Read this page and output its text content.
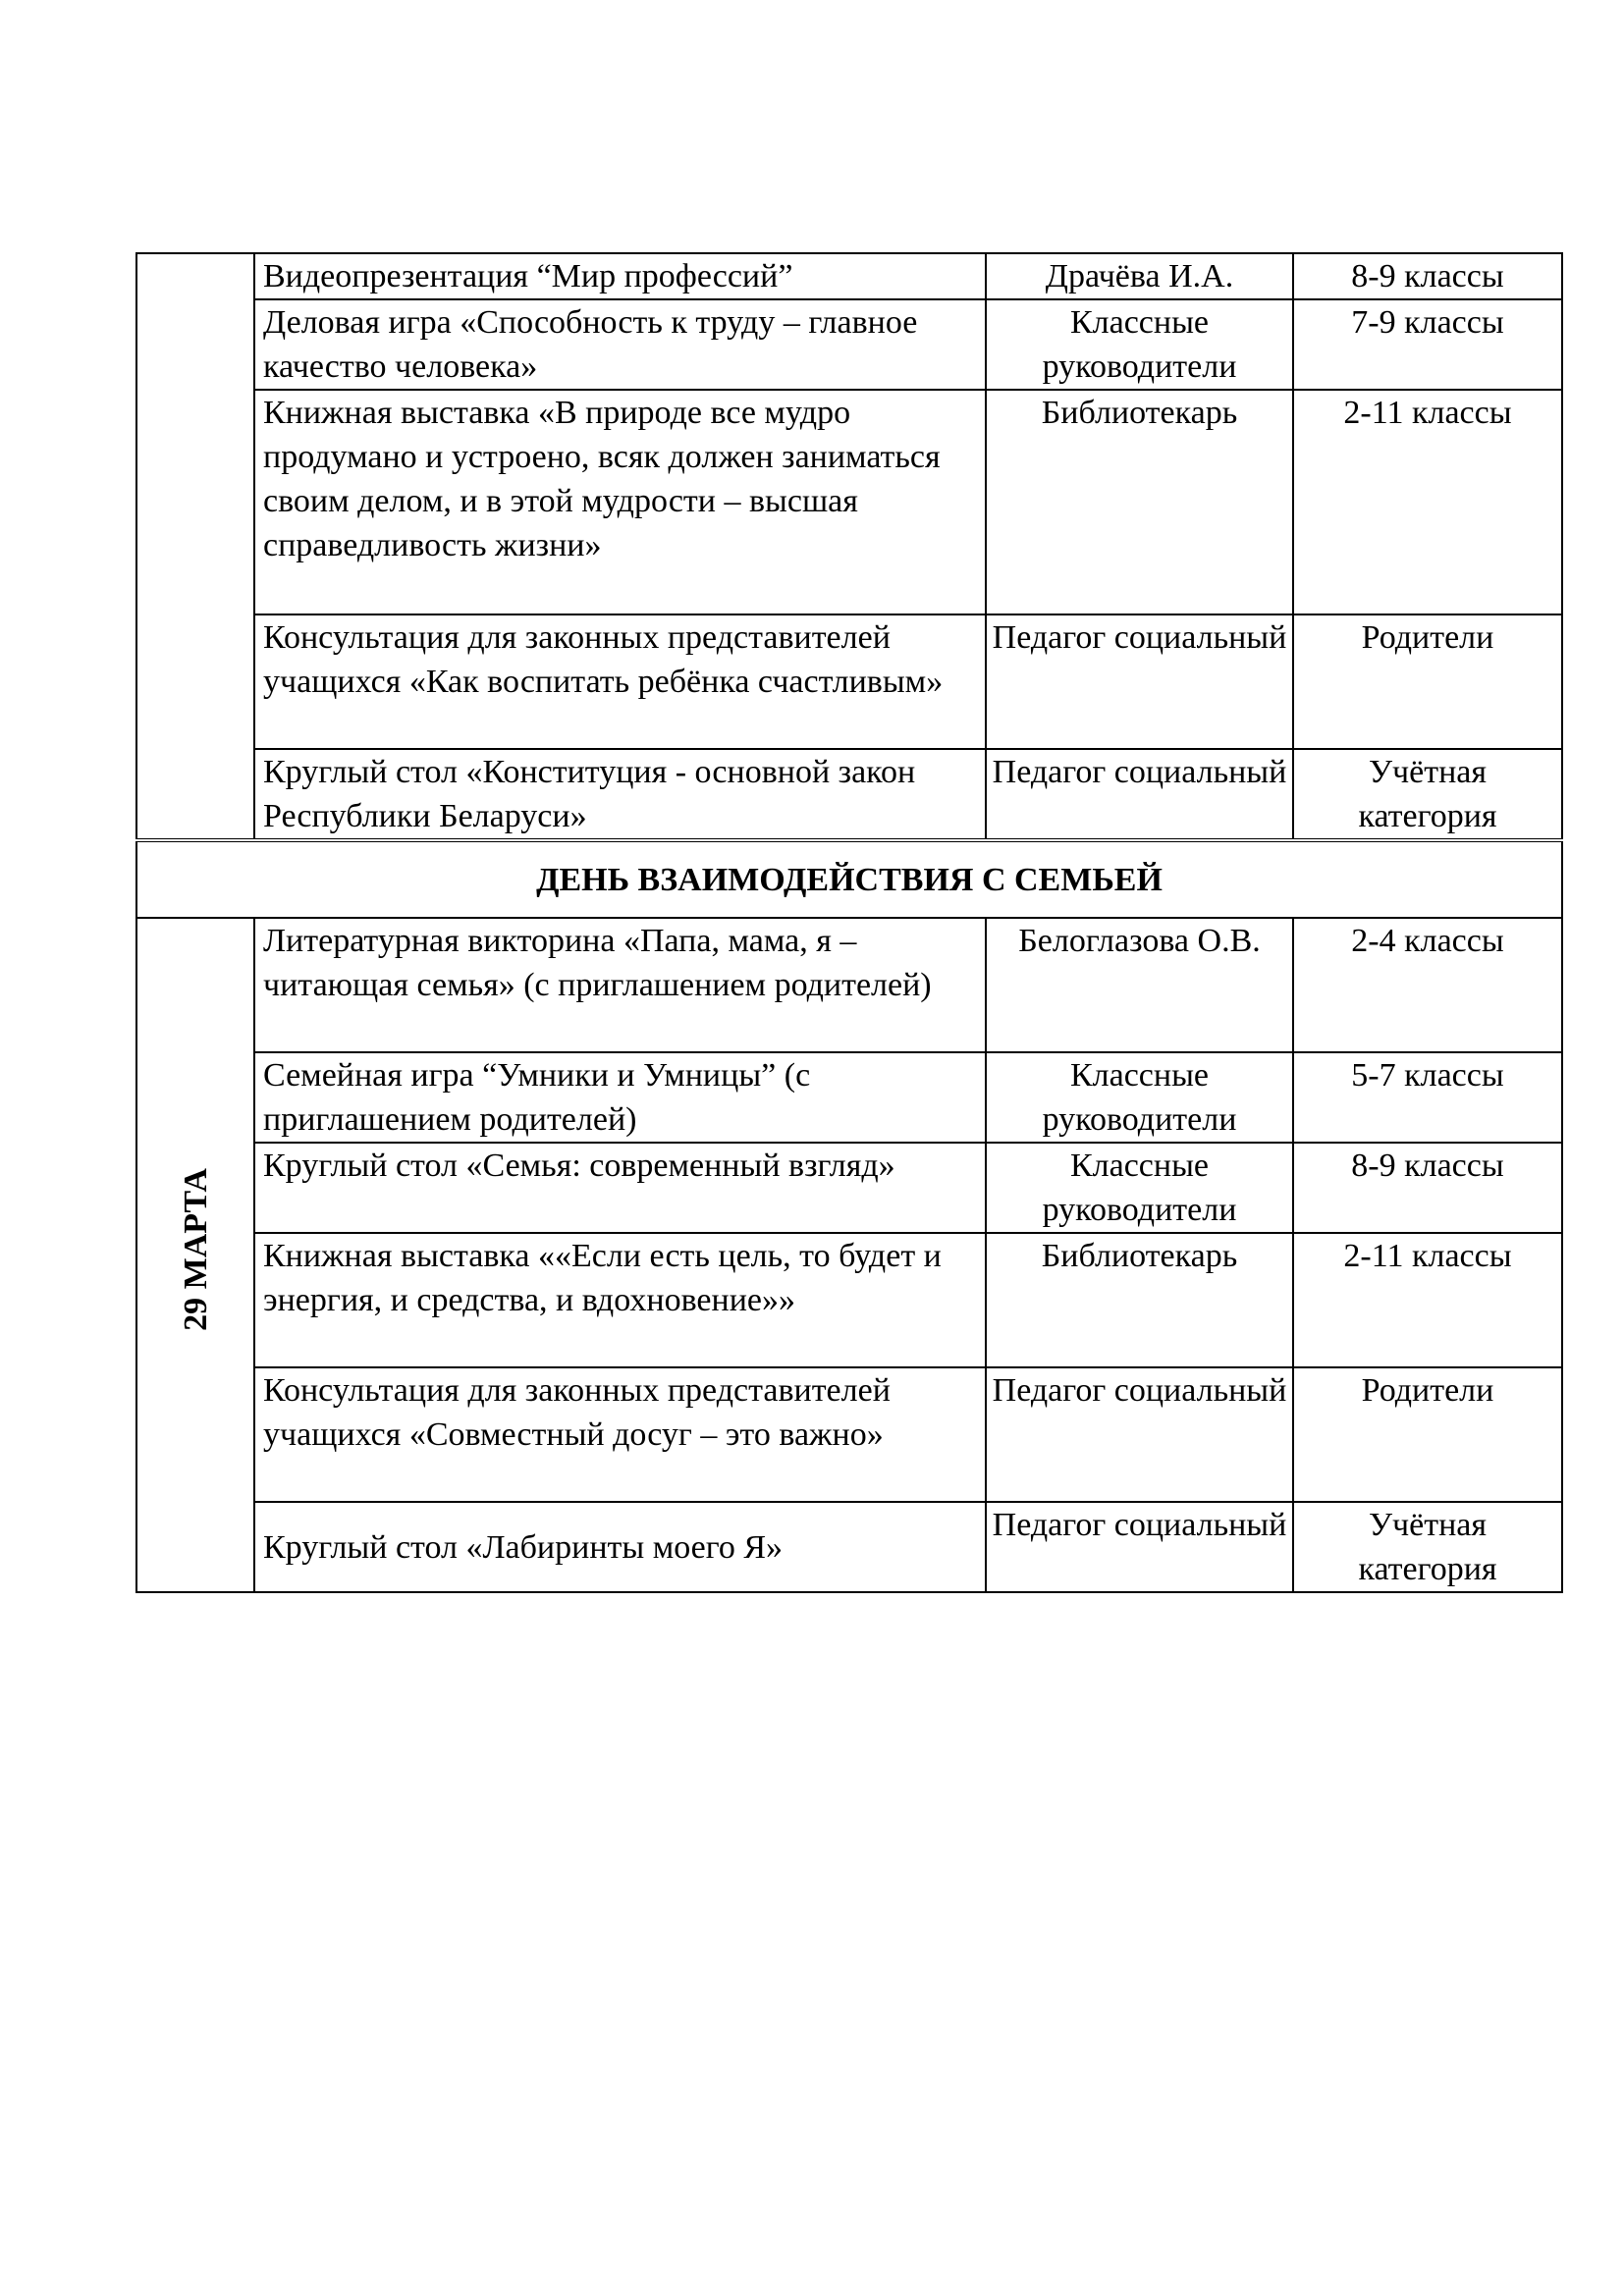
	Видеопрезентация “Мир профессий”	Драчёва И.А.	8-9 классы
	Деловая игра «Способность к труду – главное качество человека»	Классные руководители	7-9 классы
	Книжная выставка «В природе все мудро продумано и устроено, всяк должен заниматься своим делом, и в этой мудрости – высшая справедливость жизни»	Библиотекарь	2-11 классы
	Консультация для законных представителей учащихся «Как воспитать ребёнка счастливым»	Педагог социальный	Родители
	Круглый стол «Конституция - основной закон Республики Беларуси»	Педагог социальный	Учётная категория
ДЕНЬ ВЗАИМОДЕЙСТВИЯ С СЕМЬЕЙ			
29 МАРТА	Литературная викторина «Папа, мама, я – читающая семья» (с приглашением родителей)	Белоглазова О.В.	2-4 классы
	Семейная игра “Умники и Умницы” (с приглашением родителей)	Классные руководители	5-7 классы
	Круглый стол «Семья: современный взгляд»	Классные руководители	8-9 классы
	Книжная выставка ««Если есть цель, то будет и энергия, и средства, и вдохновение»»	Библиотекарь	2-11 классы
	Консультация для законных представителей учащихся «Совместный досуг – это важно»	Педагог социальный	Родители
	Круглый стол «Лабиринты моего Я»	Педагог социальный	Учётная категория
